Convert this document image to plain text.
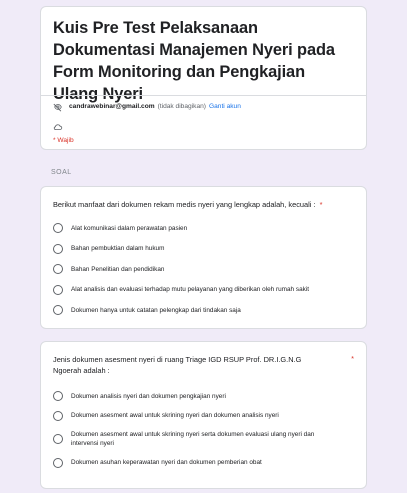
Kuis Pre Test Pelaksanaan Dokumentasi Manajemen Nyeri pada Form Monitoring dan Pengkajian Ulang Nyeri
candrawebinar@gmail.com (tidak dibagikan) Ganti akun
* Wajib
SOAL
Berikut manfaat dari dokumen rekam medis nyeri yang lengkap adalah, kecuali : *
Alat komunikasi dalam perawatan pasien
Bahan pembuktian dalam hukum
Bahan Penelitian dan pendidikan
Alat analisis dan evaluasi terhadap mutu pelayanan yang diberikan oleh rumah sakit
Dokumen hanya untuk catatan pelengkap dari tindakan saja
*
Jenis dokumen asesment nyeri di ruang Triage IGD RSUP Prof. DR.I.G.N.G Ngoerah adalah :
Dokumen analisis nyeri dan dokumen pengkajian nyeri
Dokumen asesment awal untuk skrining nyeri dan dokumen analisis nyeri
Dokumen asesment awal untuk skrining nyeri serta dokumen evaluasi ulang nyeri dan intervensi nyeri
Dokumen asuhan keperawatan nyeri dan dokumen pemberian obat
